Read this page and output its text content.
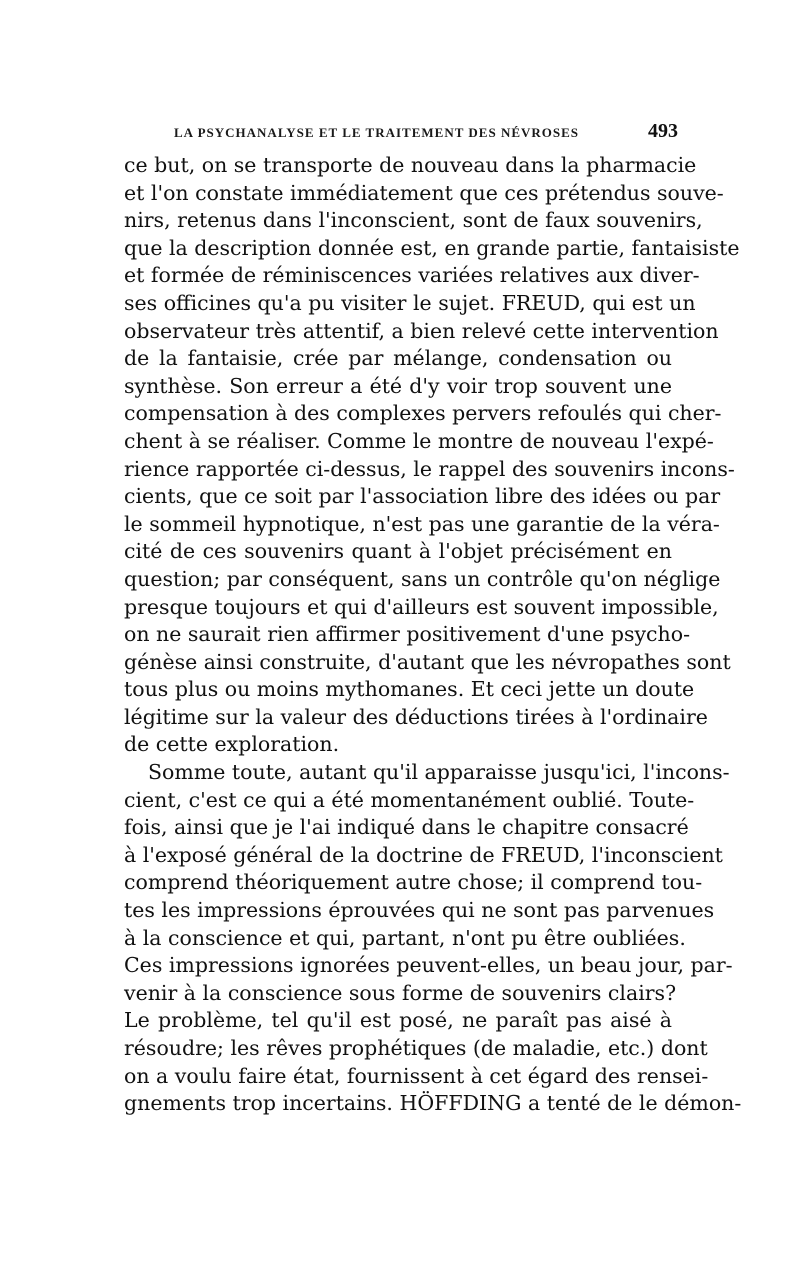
LA PSYCHANALYSE ET LE TRAITEMENT DES NÉVROSES	493
ce but, on se transporte de nouveau dans la pharmacie
et l'on constate immédiatement que ces prétendus souve-
nirs, retenus dans l'inconscient, sont de faux souvenirs,
que la description donnée est, en grande partie, fantaisiste
et formée de réminiscences variées relatives aux diver-
ses officines qu'a pu visiter le sujet. FREUD, qui est un
observateur très attentif, a bien relevé cette intervention
de la fantaisie, crée par mélange, condensation ou
synthèse. Son erreur a été d'y voir trop souvent une
compensation à des complexes pervers refoulés qui cher-
chent à se réaliser. Comme le montre de nouveau l'expé-
rience rapportée ci-dessus, le rappel des souvenirs incons-
cients, que ce soit par l'association libre des idées ou par
le sommeil hypnotique, n'est pas une garantie de la véra-
cité de ces souvenirs quant à l'objet précisément en
question; par conséquent, sans un contrôle qu'on néglige
presque toujours et qui d'ailleurs est souvent impossible,
on ne saurait rien affirmer positivement d'une psycho-
génèse ainsi construite, d'autant que les névropathes sont
tous plus ou moins mythomanes. Et ceci jette un doute
légitime sur la valeur des déductions tirées à l'ordinaire
de cette exploration.
Somme toute, autant qu'il apparaisse jusqu'ici, l'incons-
cient, c'est ce qui a été momentanément oublié. Toute-
fois, ainsi que je l'ai indiqué dans le chapitre consacré
à l'exposé général de la doctrine de FREUD, l'inconscient
comprend théoriquement autre chose; il comprend tou-
tes les impressions éprouvées qui ne sont pas parvenues
à la conscience et qui, partant, n'ont pu être oubliées.
Ces impressions ignorées peuvent-elles, un beau jour, par-
venir à la conscience sous forme de souvenirs clairs?
Le problème, tel qu'il est posé, ne paraît pas aisé à
résoudre; les rêves prophétiques (de maladie, etc.) dont
on a voulu faire état, fournissent à cet égard des rensei-
gnements trop incertains. HÖFFDING a tenté de le démon-
